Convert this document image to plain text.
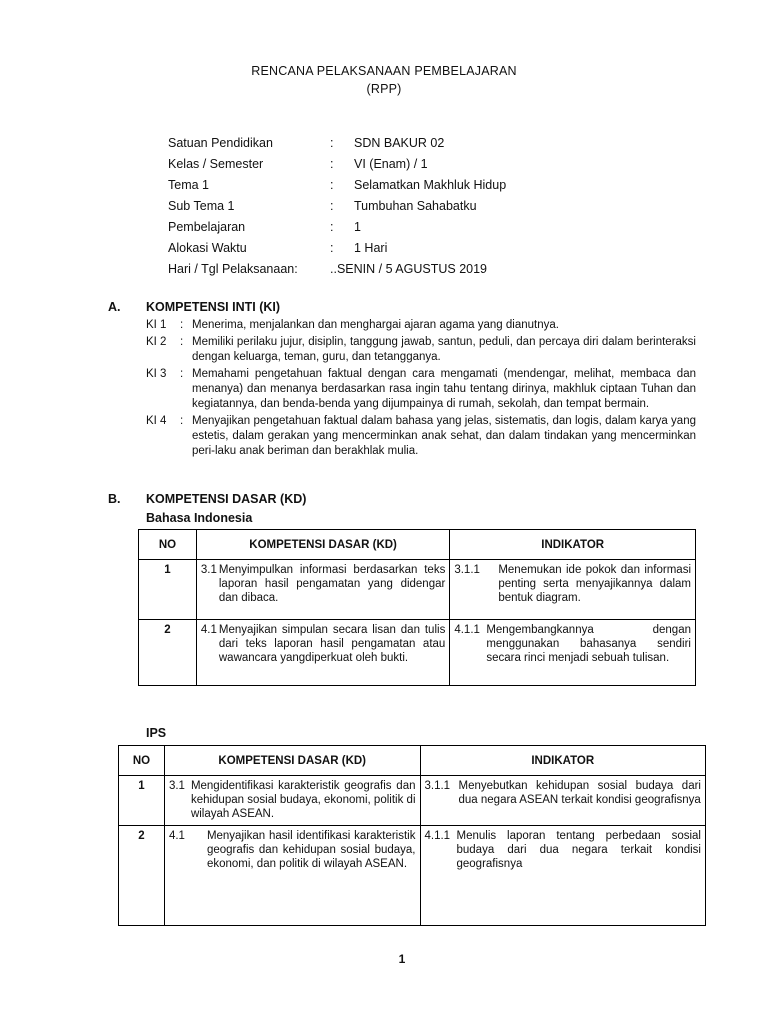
RENCANA PELAKSANAAN PEMBELAJARAN
(RPP)
Satuan Pendidikan	: SDN BAKUR 02
Kelas / Semester	: VI (Enam) / 1
Tema 1	: Selamatkan Makhluk Hidup
Sub Tema 1	: Tumbuhan Sahabatku
Pembelajaran	: 1
Alokasi Waktu	: 1 Hari
Hari / Tgl Pelaksanaan:	..SENIN / 5 AGUSTUS 2019
A. KOMPETENSI INTI (KI)
KI 1	: Menerima, menjalankan dan menghargai ajaran agama yang dianutnya.
KI 2	: Memiliki perilaku jujur, disiplin, tanggung jawab, santun, peduli, dan percaya diri dalam berinteraksi dengan keluarga, teman, guru, dan tetangganya.
KI 3	: Memahami pengetahuan faktual dengan cara mengamati (mendengar, melihat, membaca dan menanya) dan menanya berdasarkan rasa ingin tahu tentang dirinya, makhluk ciptaan Tuhan dan kegiatannya, dan benda-benda yang dijumpainya di rumah, sekolah, dan tempat bermain.
KI 4	: Menyajikan pengetahuan faktual dalam bahasa yang jelas, sistematis, dan logis, dalam karya yang estetis, dalam gerakan yang mencerminkan anak sehat, dan dalam tindakan yang mencerminkan peri-laku anak beriman dan berakhlak mulia.
B. KOMPETENSI DASAR (KD)
Bahasa Indonesia
NO	KOMPETENSI DASAR (KD)	INDIKATOR
1	3.1 Menyimpulkan informasi berdasarkan teks laporan hasil pengamatan yang didengar dan dibaca.	3.1.1 Menemukan ide pokok dan informasi penting serta menyajikannya dalam bentuk diagram.

2	4.1 Menyajikan simpulan secara lisan dan tulis dari teks laporan hasil pengamatan atau wawancara yangdiperkuat oleh bukti.	4.1.1 Mengembangkannya dengan menggunakan bahasanya sendiri secara rinci menjadi sebuah tulisan.
IPS
NO	KOMPETENSI DASAR (KD)	INDIKATOR
1	3.1 Mengidentifikasi karakteristik geografis dan kehidupan sosial budaya, ekonomi, politik di wilayah ASEAN.	3.1.1 Menyebutkan kehidupan sosial budaya dari dua negara ASEAN terkait kondisi geografisnya

2	4.1 Menyajikan hasil identifikasi karakteristik geografis dan kehidupan sosial budaya, ekonomi, dan politik di wilayah ASEAN.	4.1.1 Menulis laporan tentang perbedaan sosial budaya dari dua negara terkait kondisi geografisnya
1
